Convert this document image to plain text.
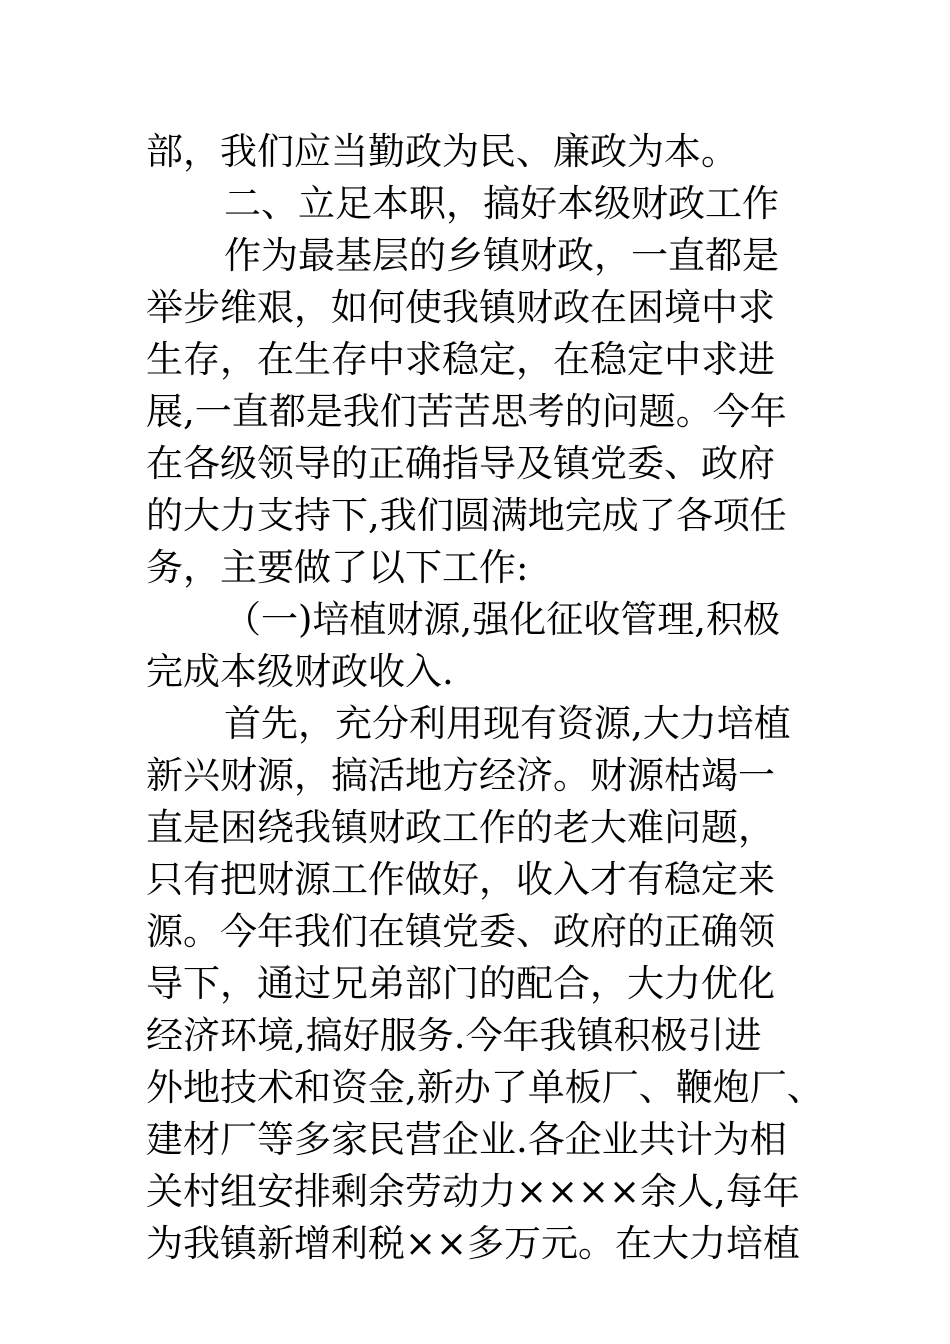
部，我们应当勤政为民、廉政为本。
二、立足本职，搞好本级财政工作
作为最基层的乡镇财政，一直都是
举步维艰，如何使我镇财政在困境中求
生存，在生存中求稳定，在稳定中求进
展,一直都是我们苦苦思考的问题。今年
在各级领导的正确指导及镇党委、政府
的大力支持下,我们圆满地完成了各项任
务，主要做了以下工作:
（一)培植财源,强化征收管理,积极
完成本级财政收入.
首先，充分利用现有资源,大力培植
新兴财源，搞活地方经济。财源枯竭一
直是困绕我镇财政工作的老大难问题，
只有把财源工作做好，收入才有稳定来
源。今年我们在镇党委、政府的正确领
导下，通过兄弟部门的配合，大力优化
经济环境,搞好服务.今年我镇积极引进
外地技术和资金,新办了单板厂、鞭炮厂、
建材厂等多家民营企业.各企业共计为相
关村组安排剩余劳动力××××余人,每年
为我镇新增利税××多万元。在大力培植
